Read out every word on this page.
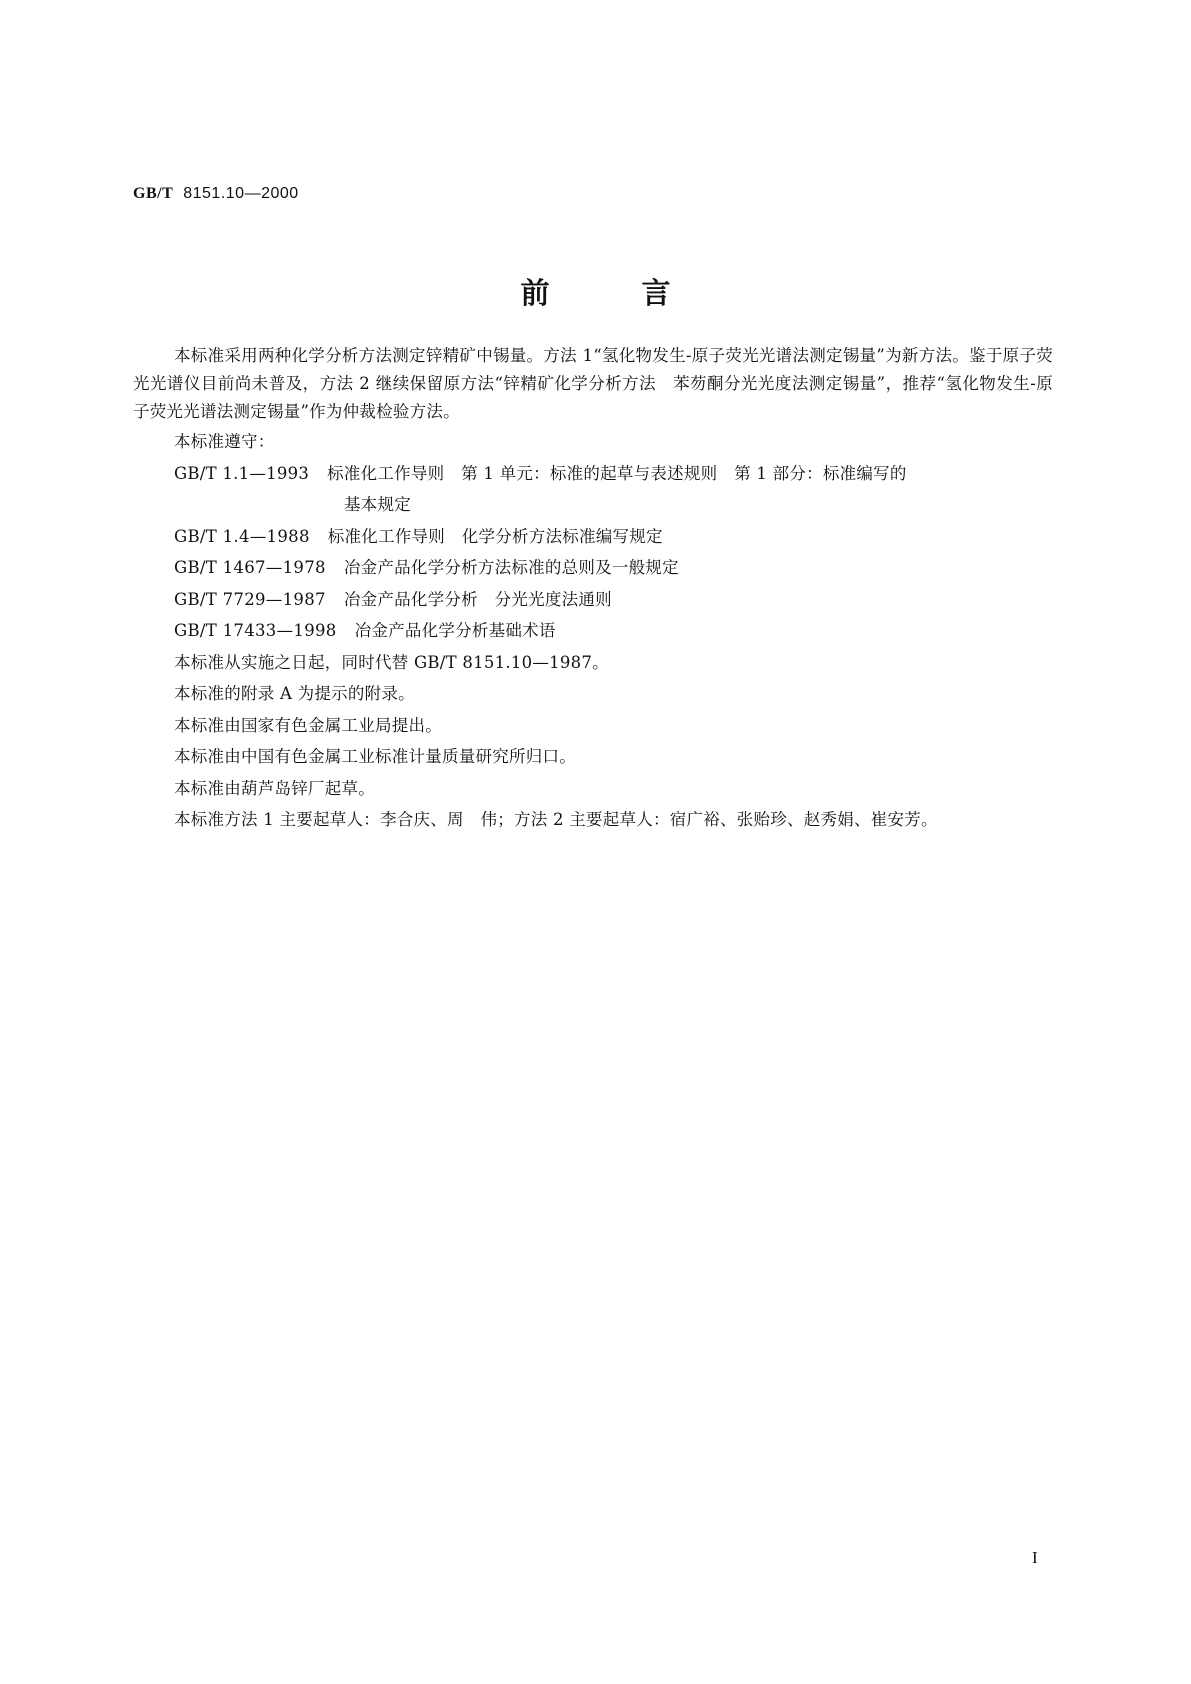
GB/T 8151.10—2000
前	言

本标准采用两种化学分析方法测定锌精矿中锡量。方法 1“氢化物发生-原子荧光光谱法测定锡量”为新方法。鉴于原子荧光光谱仪目前尚未普及，方法 2 继续保留原方法“锌精矿化学分析方法　苯芴酮分光光度法测定锡量”，推荐“氢化物发生-原子荧光光谱法测定锡量”作为仲裁检验方法。

本标准遵守：

GB/T 1.1—1993 标准化工作导则　第 1 单元：标准的起草与表述规则　第 1 部分：标准编写的
基本规定

GB/T 1.4—1988 标准化工作导则　化学分析方法标准编写规定

GB/T 1467—1978 冶金产品化学分析方法标准的总则及一般规定

GB/T 7729—1987 冶金产品化学分析　分光光度法通则

GB/T 17433—1998 冶金产品化学分析基础术语

本标准从实施之日起，同时代替 GB/T 8151.10—1987。

本标准的附录 A 为提示的附录。

本标准由国家有色金属工业局提出。

本标准由中国有色金属工业标准计量质量研究所归口。

本标准由葫芦岛锌厂起草。

本标准方法 1 主要起草人：李合庆、周　伟；方法 2 主要起草人：宿广裕、张贻珍、赵秀娟、崔安芳。

I
